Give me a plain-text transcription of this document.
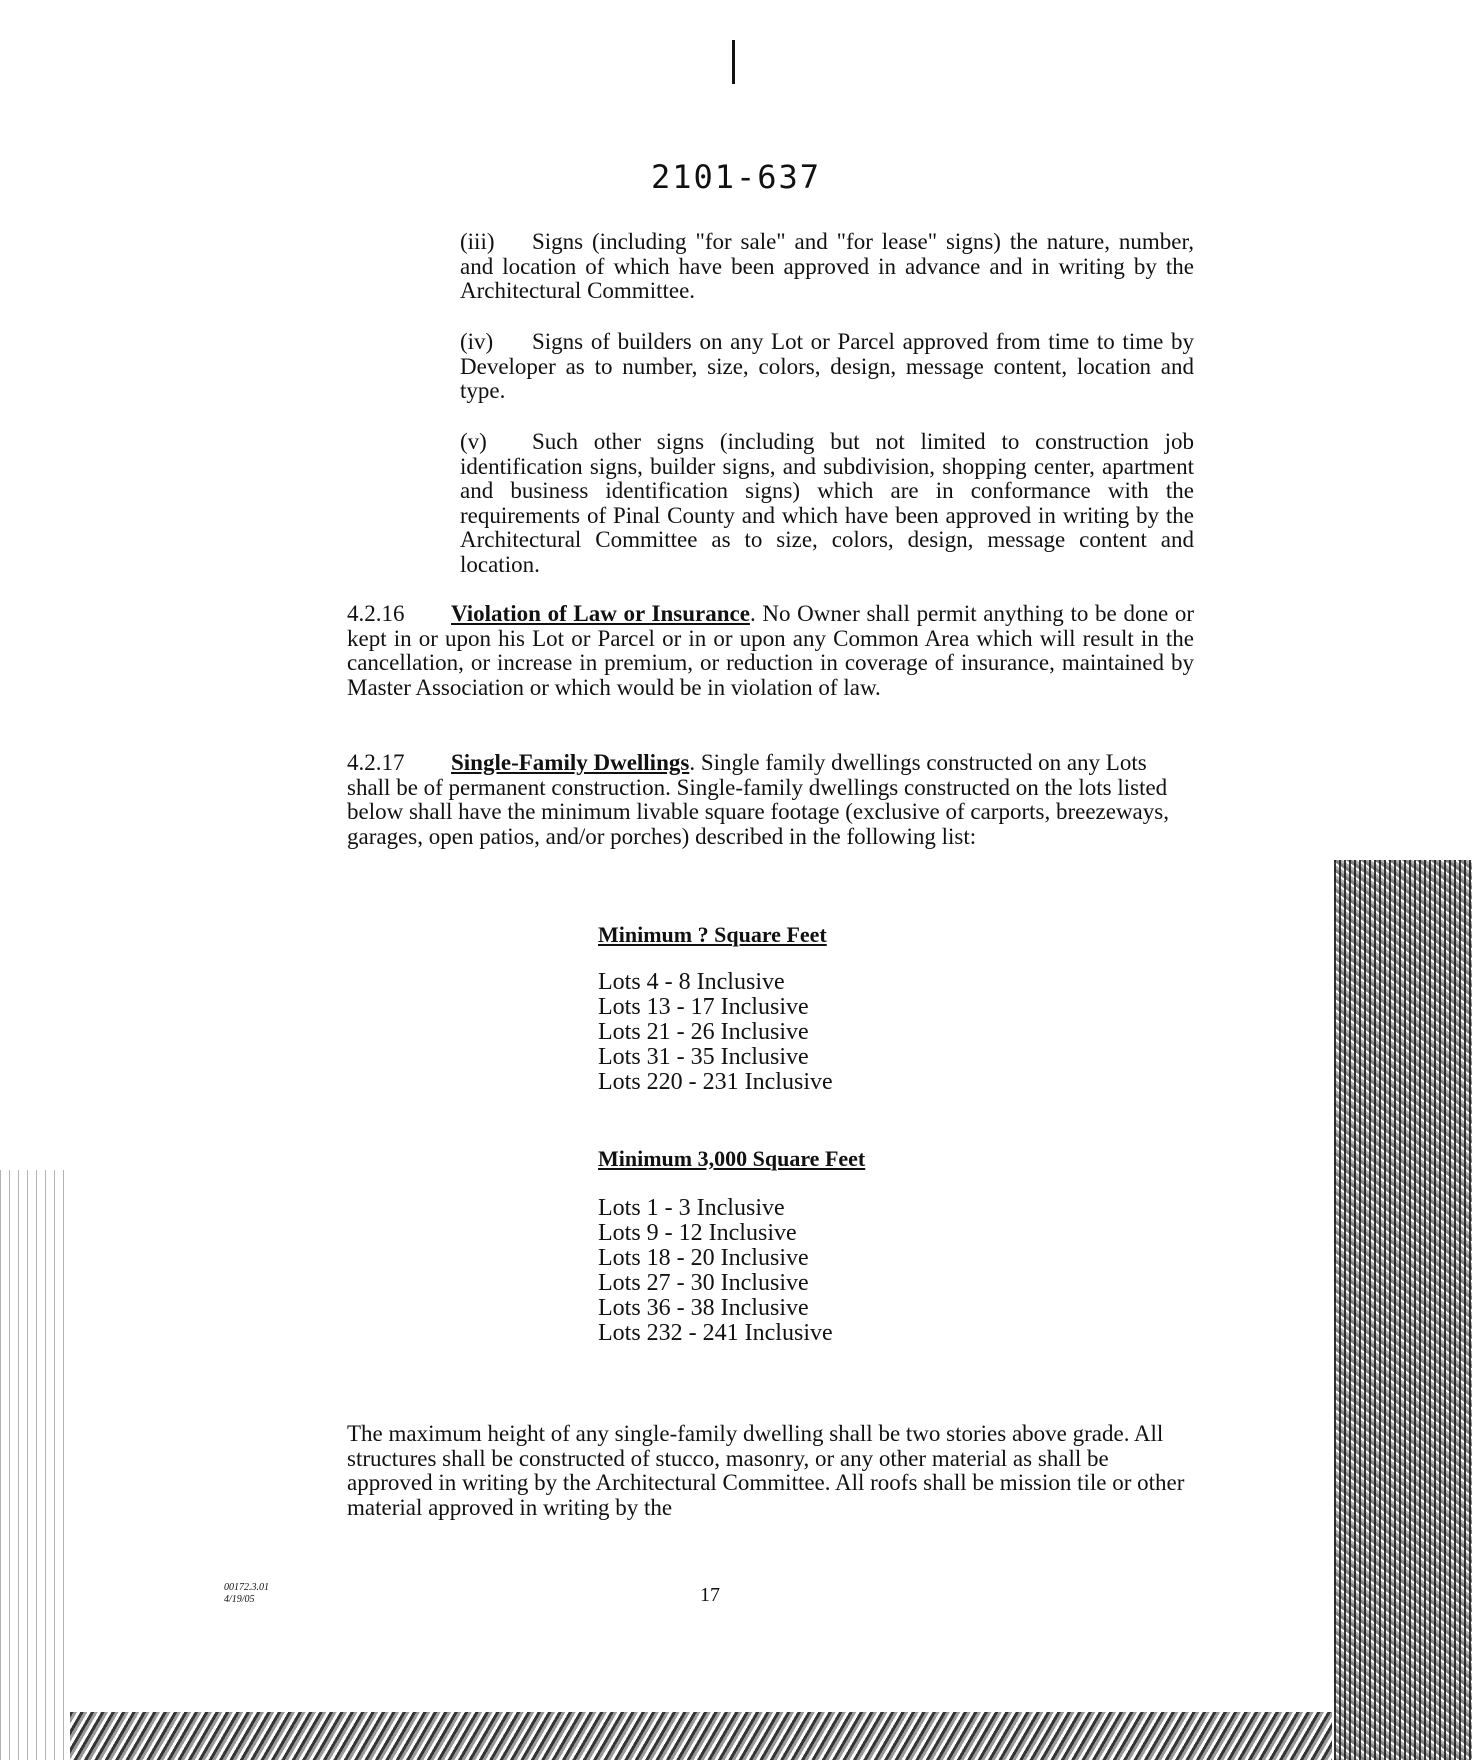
2101-637
(iii) Signs (including "for sale" and "for lease" signs) the nature, number, and location of which have been approved in advance and in writing by the Architectural Committee.
(iv) Signs of builders on any Lot or Parcel approved from time to time by Developer as to number, size, colors, design, message content, location and type.
(v) Such other signs (including but not limited to construction job identification signs, builder signs, and subdivision, shopping center, apartment and business identification signs) which are in conformance with the requirements of Pinal County and which have been approved in writing by the Architectural Committee as to size, colors, design, message content and location.
4.2.16 Violation of Law or Insurance. No Owner shall permit anything to be done or kept in or upon his Lot or Parcel or in or upon any Common Area which will result in the cancellation, or increase in premium, or reduction in coverage of insurance, maintained by Master Association or which would be in violation of law.
4.2.17 Single-Family Dwellings. Single family dwellings constructed on any Lots shall be of permanent construction. Single-family dwellings constructed on the lots listed below shall have the minimum livable square footage (exclusive of carports, breezeways, garages, open patios, and/or porches) described in the following list:
Minimum ? Square Feet
Lots 4 - 8 Inclusive
Lots 13 - 17 Inclusive
Lots 21 - 26 Inclusive
Lots 31 - 35 Inclusive
Lots 220 - 231 Inclusive
Minimum 3,000 Square Feet
Lots 1 - 3 Inclusive
Lots 9 - 12 Inclusive
Lots 18 - 20 Inclusive
Lots 27 - 30 Inclusive
Lots 36 - 38 Inclusive
Lots 232 - 241 Inclusive
The maximum height of any single-family dwelling shall be two stories above grade. All structures shall be constructed of stucco, masonry, or any other material as shall be approved in writing by the Architectural Committee. All roofs shall be mission tile or other material approved in writing by the
00172.3.01
4/19/05	17
